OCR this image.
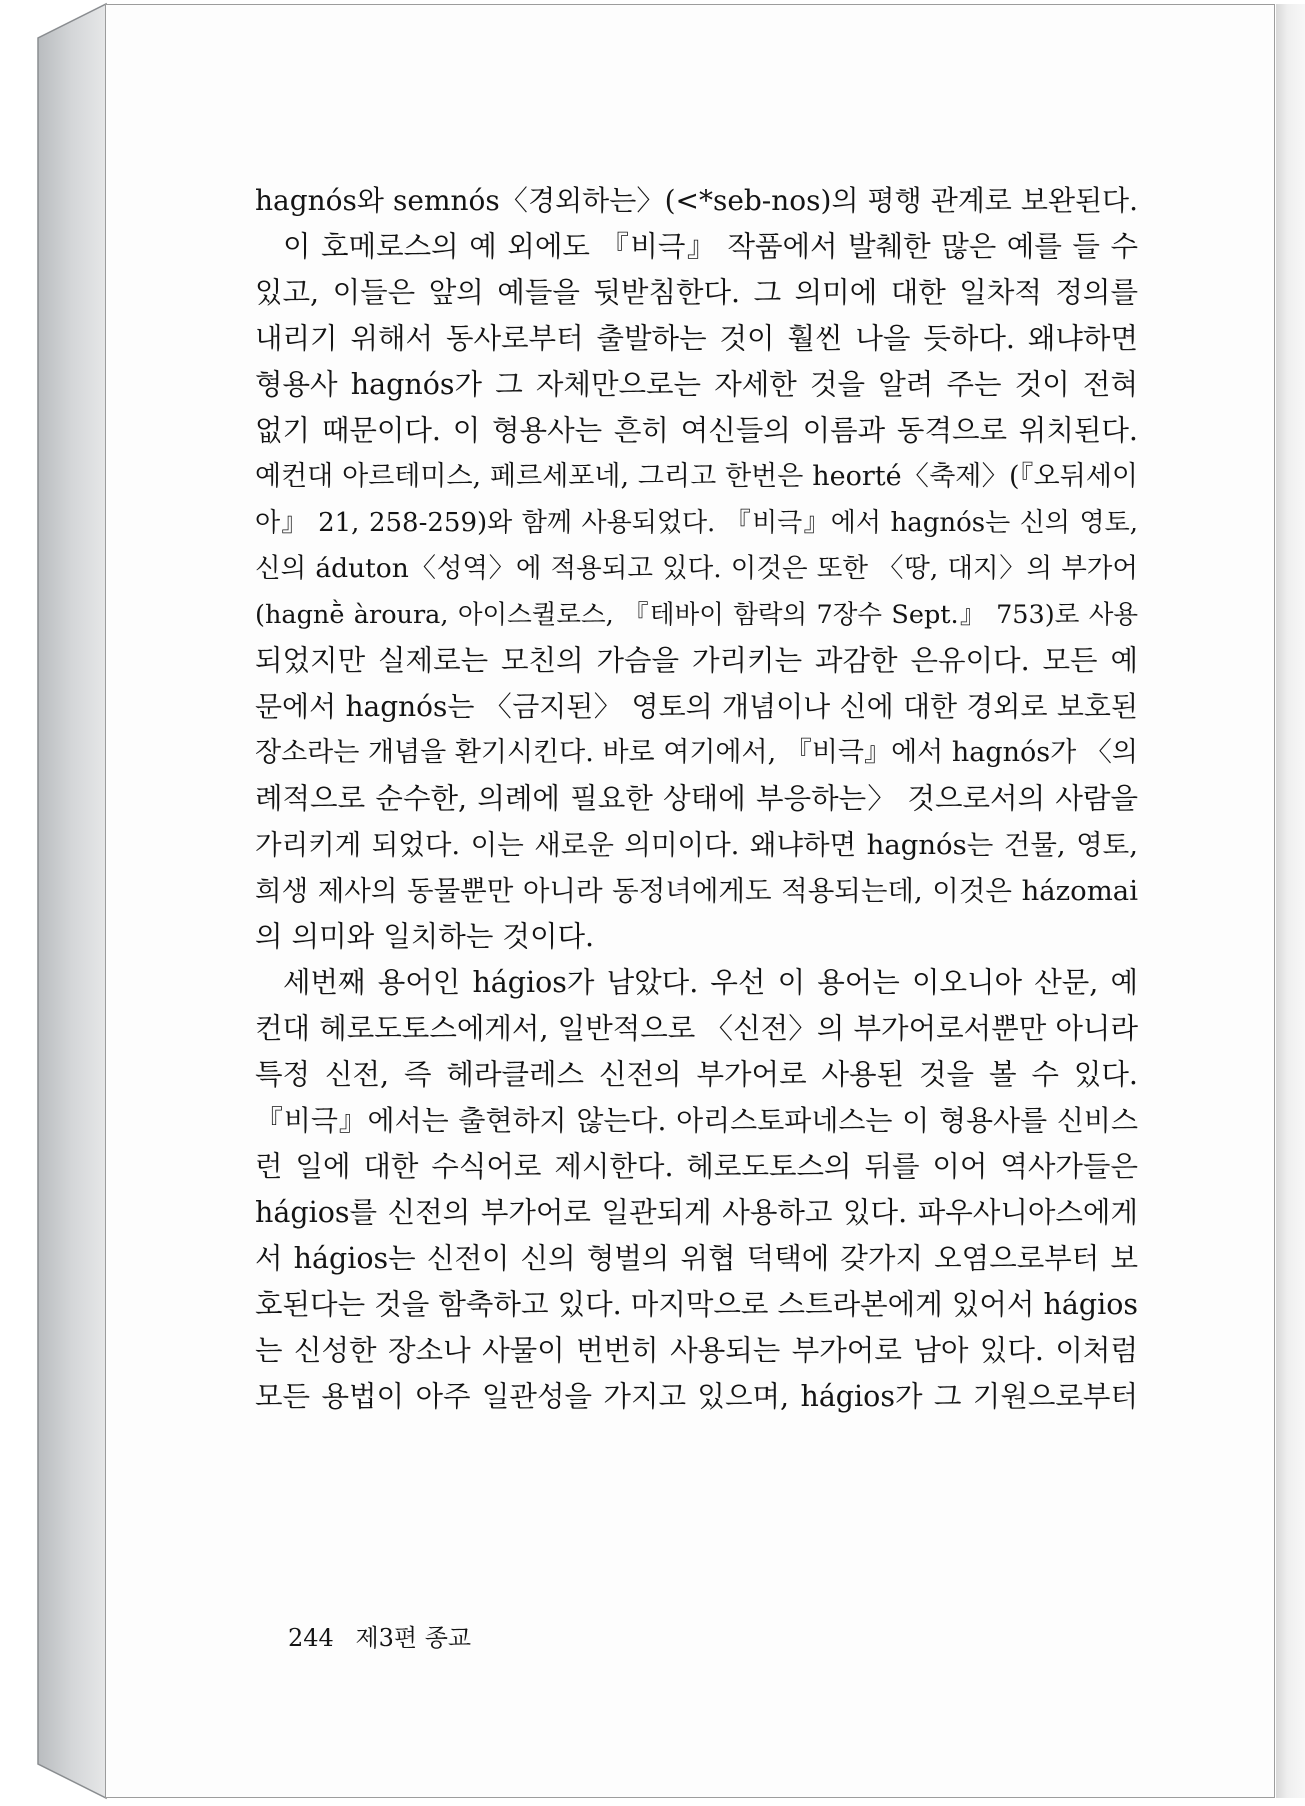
hagnós와 semnós〈경외하는〉(<*seb-nos)의 평행 관계로 보완된다.
이 호메로스의 예 외에도 『비극』 작품에서 발췌한 많은 예를 들 수
있고, 이들은 앞의 예들을 뒷받침한다. 그 의미에 대한 일차적 정의를
내리기 위해서 동사로부터 출발하는 것이 훨씬 나을 듯하다. 왜냐하면
형용사 hagnós가 그 자체만으로는 자세한 것을 알려 주는 것이 전혀
없기 때문이다. 이 형용사는 흔히 여신들의 이름과 동격으로 위치된다.
예컨대 아르테미스, 페르세포네, 그리고 한번은 heorté〈축제〉(『오뒤세이
아』 21, 258-259)와 함께 사용되었다. 『비극』에서 hagnós는 신의 영토,
신의 áduton〈성역〉에 적용되고 있다. 이것은 또한 〈땅, 대지〉의 부가어
(hagnḕ àroura, 아이스퀼로스, 『테바이 함락의 7장수 Sept.』 753)로 사용
되었지만 실제로는 모친의 가슴을 가리키는 과감한 은유이다. 모든 예
문에서 hagnós는 〈금지된〉 영토의 개념이나 신에 대한 경외로 보호된
장소라는 개념을 환기시킨다. 바로 여기에서, 『비극』에서 hagnós가 〈의
례적으로 순수한, 의례에 필요한 상태에 부응하는〉 것으로서의 사람을
가리키게 되었다. 이는 새로운 의미이다. 왜냐하면 hagnós는 건물, 영토,
희생 제사의 동물뿐만 아니라 동정녀에게도 적용되는데, 이것은 házomai
의 의미와 일치하는 것이다.
세번째 용어인 hágios가 남았다. 우선 이 용어는 이오니아 산문, 예
컨대 헤로도토스에게서, 일반적으로 〈신전〉의 부가어로서뿐만 아니라
특정 신전, 즉 헤라클레스 신전의 부가어로 사용된 것을 볼 수 있다.
『비극』에서는 출현하지 않는다. 아리스토파네스는 이 형용사를 신비스
런 일에 대한 수식어로 제시한다. 헤로도토스의 뒤를 이어 역사가들은
hágios를 신전의 부가어로 일관되게 사용하고 있다. 파우사니아스에게
서 hágios는 신전이 신의 형벌의 위협 덕택에 갖가지 오염으로부터 보
호된다는 것을 함축하고 있다. 마지막으로 스트라본에게 있어서 hágios
는 신성한 장소나 사물이 번번히 사용되는 부가어로 남아 있다. 이처럼
모든 용법이 아주 일관성을 가지고 있으며, hágios가 그 기원으로부터
244 제3편 종교
